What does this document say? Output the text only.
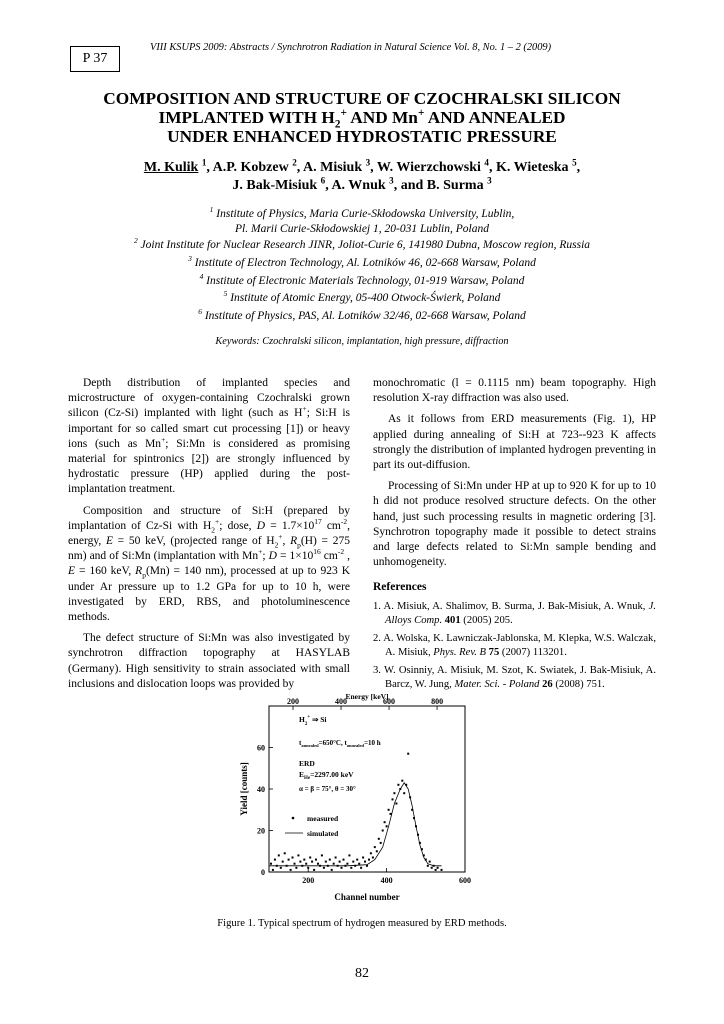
P 37
VIII KSUPS 2009: Abstracts / Synchrotron Radiation in Natural Science Vol. 8, No. 1 – 2 (2009)
COMPOSITION AND STRUCTURE OF CZOCHRALSKI SILICON
IMPLANTED WITH $H_2^+$ AND Mn+ AND ANNEALED
UNDER ENHANCED HYDROSTATIC PRESSURE
M. Kulik $^1$, A.P. Kobzew $^2$, A. Misiuk $^3$, W. Wierzchowski $^4$, K. Wieteska $^5$,
J. Bak-Misiuk $^6$, A. Wnuk $^3$, and B. Surma $^3$
$^1$ Institute of Physics, Maria Curie-Skłodowska University, Lublin,
Pl. Marii Curie-Skłodowskiej 1, 20-031 Lublin, Poland
$^2$ Joint Institute for Nuclear Research JINR, Joliot-Curie 6, 141980 Dubna, Moscow region, Russia
$^3$ Institute of Electron Technology, Al. Lotników 46, 02-668 Warsaw, Poland
$^4$ Institute of Electronic Materials Technology, 01-919 Warsaw, Poland
$^5$ Institute of Atomic Energy, 05-400 Otwock-Świerk, Poland
$^6$ Institute of Physics, PAS, Al. Lotników 32/46, 02-668 Warsaw, Poland
Keywords: Czochralski silicon, implantation, high pressure, diffraction

Depth distribution of implanted species and microstructure of oxygen-containing Czochralski grown silicon (Cz-Si) implanted with light (such as H+; Si:H is important for so called smart cut processing [1]) or heavy ions (such as Mn+; Si:Mn is considered as promising material for spintronics [2]) are strongly influenced by hydrostatic pressure (HP) applied during the post-implantation treatment.

Composition and structure of Si:H (prepared by implantation of Cz-Si with $H_2^+$; dose, $D = 1.7\times 10^{17}$ $cm^{-2}$, energy, E = 50 keV, (projected range of $H_2^+$, $R_p(H) = 275$ nm) and of Si:Mn (implantation with Mn+; $D = 1\times 10^{16}$ $cm^{-2}$ , E = 160 keV, $R_p(Mn) = 140$ nm), processed at up to 923 K under Ar pressure up to 1.2 GPa for up to 10 h, were investigated by ERD, RBS, and photoluminescence methods.

The defect structure of Si:Mn was also investigated by synchrotron diffraction topography at HASYLAB (Germany). High sensitivity to strain associated with small inclusions and dislocation loops was provided by

monochromatic (l = 0.1115 nm) beam topography. High resolution X-ray diffraction was also used.

As it follows from ERD measurements (Fig. 1), HP applied during annealing of Si:H at 723--923 K affects strongly the distribution of implanted hydrogen preventing in part its out-diffusion.

Processing of Si:Mn under HP at up to 920 K for up to 10 h did not produce resolved structure defects. On the other hand, just such processing results in magnetic ordering [3]. Synchrotron topography made it possible to detect strains and large defects related to Si:Mn sample bending and unhomogeneity.

References
1. A. Misiuk, A. Shalimov, B. Surma, J. Bak-Misiuk, A. Wnuk, J. Alloys Comp. 401 (2005) 205.
2. A. Wolska, K. Lawniczak-Jablonska, M. Klepka, W.S. Walczak, A. Misiuk, Phys. Rev. B 75 (2007) 113201.
3. W. Osinniy, A. Misiuk, M. Szot, K. Swiatek, J. Bak-Misiuk, A. Barcz, W. Jung, Mater. Sci. - Poland 26 (2008) 751.
Energy [keV]
Channel number
Yield [counts]
200	400	600
0
20
40
60
200	400	600	800
$H_2^+$ ⇒ Si
$t_{annealed}=650^\circ C$, $t_{annealed}=10$ h
ERD
$E_{He}=2297.00$ keV
α = β = 75°, θ = 30°
measured
simulated
Figure 1. Typical spectrum of hydrogen measured by ERD methods.
82
